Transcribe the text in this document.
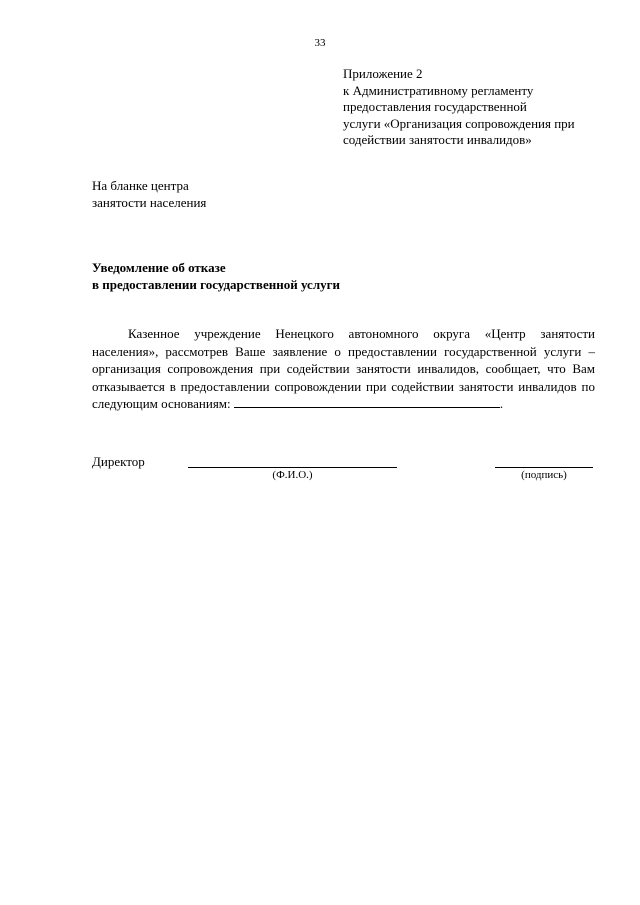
33
Приложение 2
к Административному регламенту
предоставления государственной
услуги «Организация сопровождения при
содействии занятости инвалидов»
На бланке центра
занятости населения
Уведомление об отказе
в предоставлении государственной услуги
Казенное учреждение Ненецкого автономного округа «Центр занятости населения», рассмотрев Ваше заявление о предоставлении государственной услуги – организация сопровождения при содействии занятости инвалидов, сообщает, что Вам отказывается в предоставлении сопровождении при содействии занятости инвалидов по следующим основаниям:	.
Директор
(Ф.И.О.)	(подпись)
